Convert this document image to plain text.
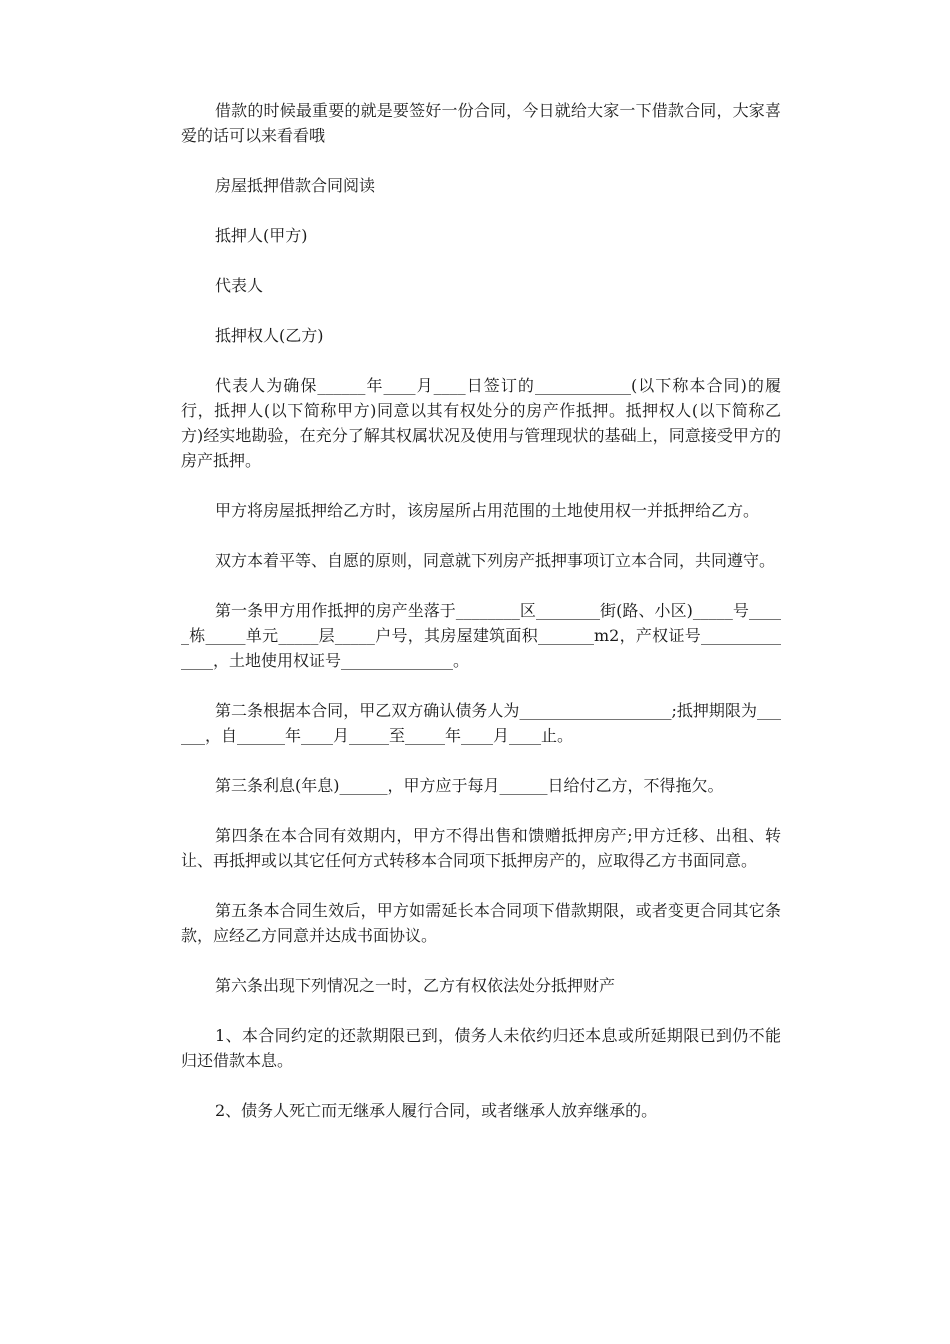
借款的时候最重要的就是要签好一份合同，今日就给大家一下借款合同，大家喜爱的话可以来看看哦

房屋抵押借款合同阅读

抵押人(甲方)

代表人

抵押权人(乙方)

代表人为确保______年____月____日签订的____________(以下称本合同)的履行，抵押人(以下简称甲方)同意以其有权处分的房产作抵押。抵押权人(以下简称乙方)经实地勘验，在充分了解其权属状况及使用与管理现状的基础上，同意接受甲方的房产抵押。

甲方将房屋抵押给乙方时，该房屋所占用范围的土地使用权一并抵押给乙方。

双方本着平等、自愿的原则，同意就下列房产抵押事项订立本合同，共同遵守。

第一条甲方用作抵押的房产坐落于________区________街(路、小区)_____号_____栋_____单元_____层_____户号，其房屋建筑面积_______m2，产权证号______________，土地使用权证号______________。

第二条根据本合同，甲乙双方确认债务人为___________________;抵押期限为______，自______年____月_____至_____年____月____止。

第三条利息(年息)______，甲方应于每月______日给付乙方，不得拖欠。

第四条在本合同有效期内，甲方不得出售和馈赠抵押房产;甲方迁移、出租、转让、再抵押或以其它任何方式转移本合同项下抵押房产的，应取得乙方书面同意。

第五条本合同生效后，甲方如需延长本合同项下借款期限，或者变更合同其它条款，应经乙方同意并达成书面协议。

第六条出现下列情况之一时，乙方有权依法处分抵押财产

1、本合同约定的还款期限已到，债务人未依约归还本息或所延期限已到仍不能归还借款本息。

2、债务人死亡而无继承人履行合同，或者继承人放弃继承的。
